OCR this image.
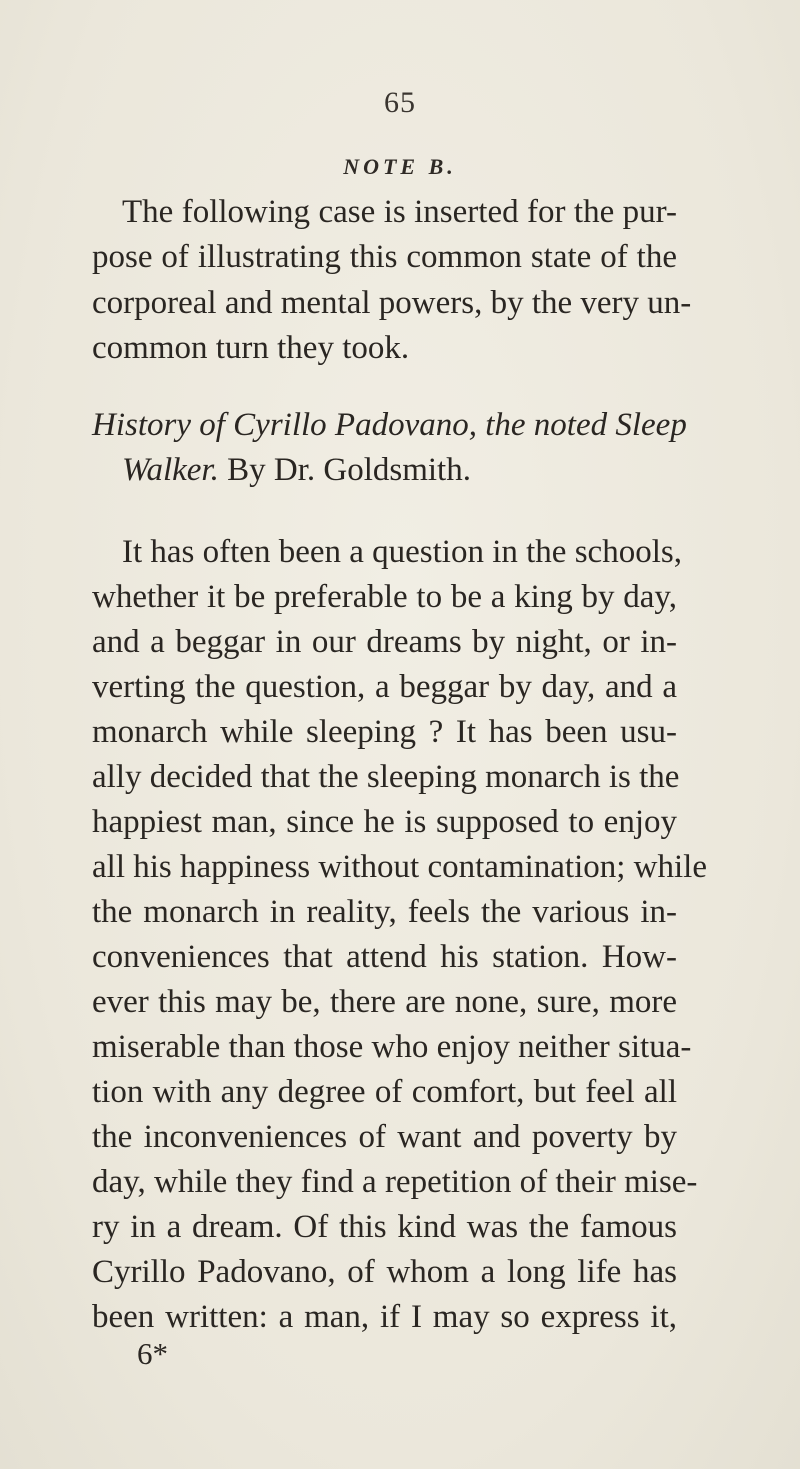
65
NOTE B.
The following case is inserted for the pur-
pose of illustrating this common state of the
corporeal and mental powers, by the very un-
common turn they took.
History of Cyrillo Padovano, the noted Sleep
Walker. By Dr. Goldsmith.
It has often been a question in the schools,
whether it be preferable to be a king by day,
and a beggar in our dreams by night, or in-
verting the question, a beggar by day, and a
monarch while sleeping ? It has been usu-
ally decided that the sleeping monarch is the
happiest man, since he is supposed to enjoy
all his happiness without contamination; while
the monarch in reality, feels the various in-
conveniences that attend his station. How-
ever this may be, there are none, sure, more
miserable than those who enjoy neither situa-
tion with any degree of comfort, but feel all
the inconveniences of want and poverty by
day, while they find a repetition of their mise-
ry in a dream. Of this kind was the famous
Cyrillo Padovano, of whom a long life has
been written: a man, if I may so express it,
6*
